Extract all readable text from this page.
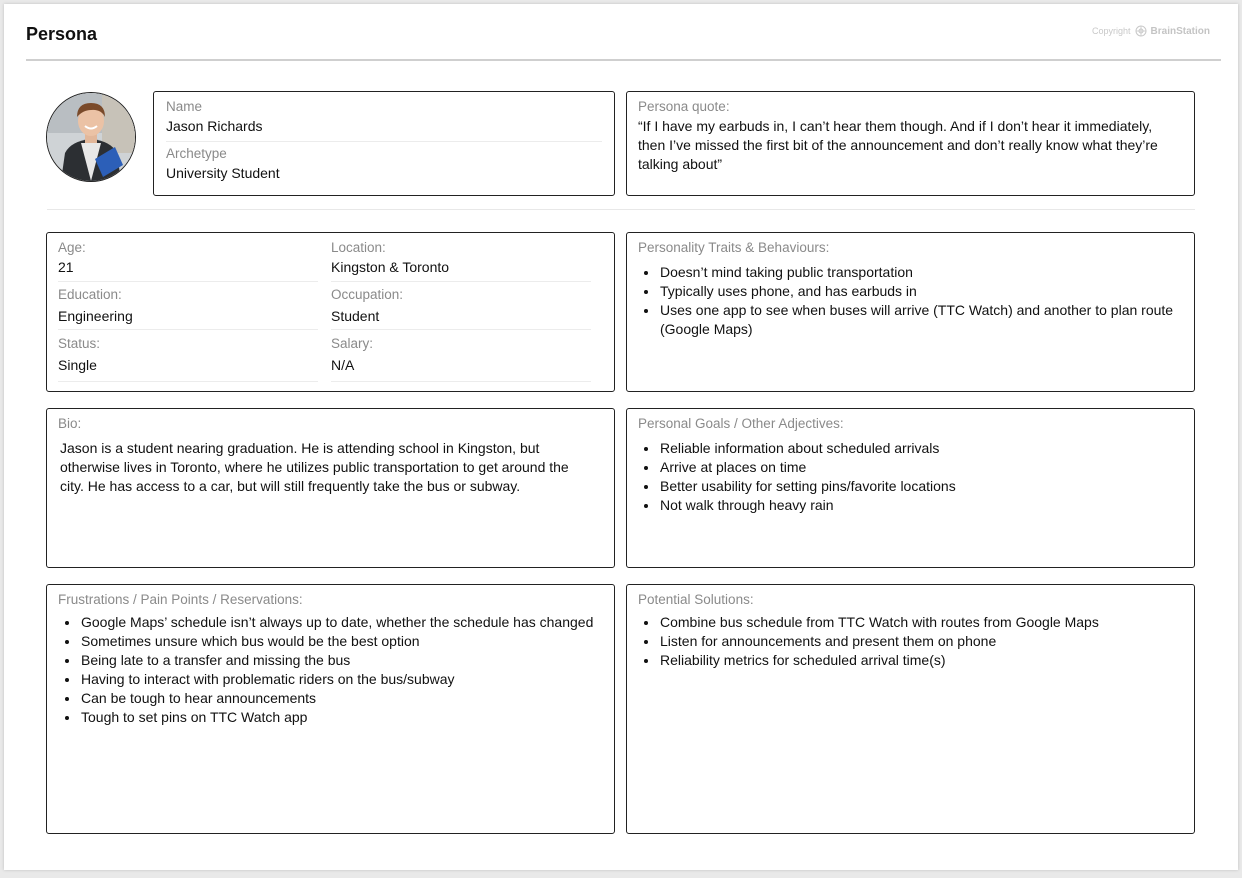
Persona	Copyright BrainStation
Name
Jason Richards
Archetype
University Student
Persona quote:
“If I have my earbuds in, I can’t hear them though. And if I don’t hear it immediately, then I’ve missed the first bit of the announcement and don’t really know what they’re talking about”
Age:
21
Location:
Kingston & Toronto
Education:
Engineering
Occupation:
Student
Status:
Single
Salary:
N/A
Personality Traits & Behaviours:
• Doesn’t mind taking public transportation
• Typically uses phone, and has earbuds in
• Uses one app to see when buses will arrive (TTC Watch) and another to plan route (Google Maps)
Bio:
Jason is a student nearing graduation. He is attending school in Kingston, but otherwise lives in Toronto, where he utilizes public transportation to get around the city. He has access to a car, but will still frequently take the bus or subway.
Personal Goals / Other Adjectives:
• Reliable information about scheduled arrivals
• Arrive at places on time
• Better usability for setting pins/favorite locations
• Not walk through heavy rain
Frustrations / Pain Points / Reservations:
• Google Maps’ schedule isn’t always up to date, whether the schedule has changed
• Sometimes unsure which bus would be the best option
• Being late to a transfer and missing the bus
• Having to interact with problematic riders on the bus/subway
• Can be tough to hear announcements
• Tough to set pins on TTC Watch app
Potential Solutions:
• Combine bus schedule from TTC Watch with routes from Google Maps
• Listen for announcements and present them on phone
• Reliability metrics for scheduled arrival time(s)
